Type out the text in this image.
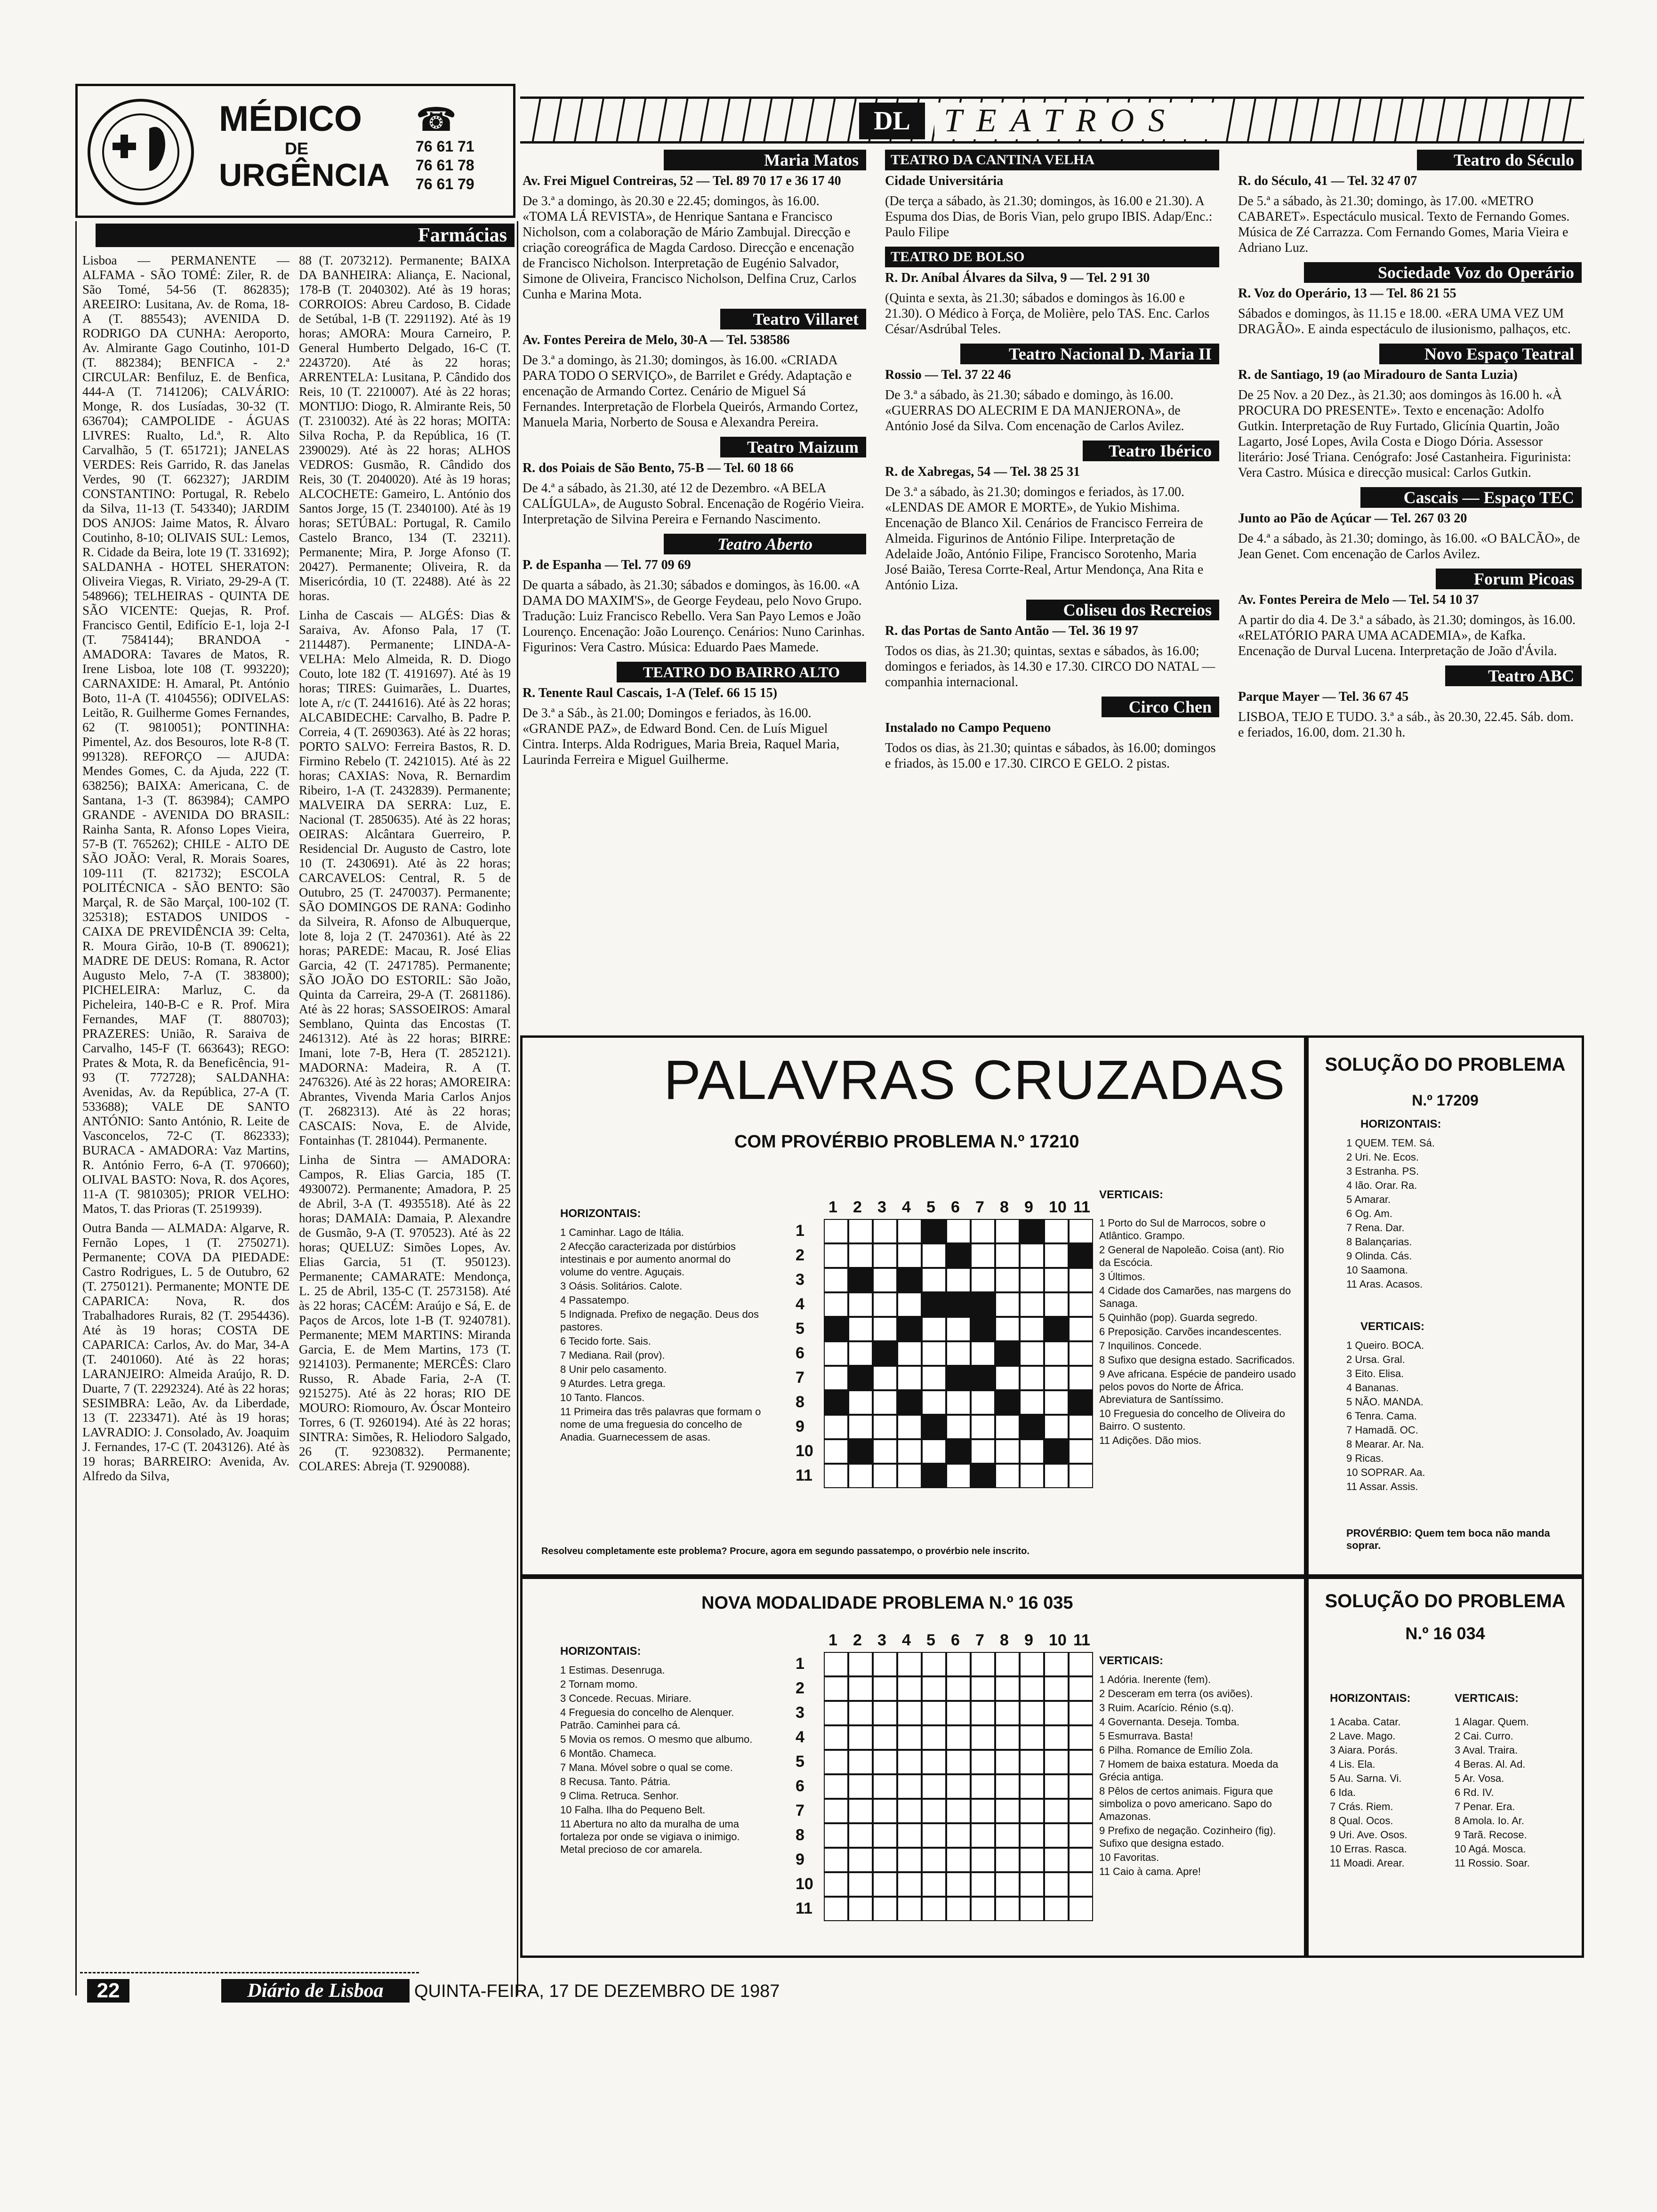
MÉDICO
DE
URGÊNCIA
☎
76 61 71
76 61 78
76 61 79
Farmácias

Lisboa — PERMANENTE — ALFAMA - SÃO TOMÉ: Ziler, R. de São Tomé, 54-56 (T. 862835); AREEIRO: Lusitana, Av. de Roma, 18-A (T. 885543); AVENIDA D. RODRIGO DA CUNHA: Aeroporto, Av. Almirante Gago Coutinho, 101-D (T. 882384); BENFICA - 2.ª CIRCULAR: Benfiluz, E. de Benfica, 444-A (T. 7141206); CALVÁRIO: Monge, R. dos Lusíadas, 30-32 (T. 636704); CAMPOLIDE - ÁGUAS LIVRES: Rualto, Ld.ª, R. Alto Carvalhão, 5 (T. 651721); JANELAS VERDES: Reis Garrido, R. das Janelas Verdes, 90 (T. 662327); JARDIM CONSTANTINO: Portugal, R. Rebelo da Silva, 11-13 (T. 543340); JARDIM DOS ANJOS: Jaime Matos, R. Álvaro Coutinho, 8-10; OLIVAIS SUL: Lemos, R. Cidade da Beira, lote 19 (T. 331692); SALDANHA - HOTEL SHERATON: Oliveira Viegas, R. Viriato, 29-29-A (T. 548966); TELHEIRAS - QUINTA DE SÃO VICENTE: Quejas, R. Prof. Francisco Gentil, Edifício E-1, loja 2-I (T. 7584144); BRANDOA - AMADORA: Tavares de Matos, R. Irene Lisboa, lote 108 (T. 993220); CARNAXIDE: H. Amaral, Pt. António Boto, 11-A (T. 4104556); ODIVELAS: Leitão, R. Guilherme Gomes Fernandes, 62 (T. 9810051); PONTINHA: Pimentel, Az. dos Besouros, lote R-8 (T. 991328). REFORÇO — AJUDA: Mendes Gomes, C. da Ajuda, 222 (T. 638256); BAIXA: Americana, C. de Santana, 1-3 (T. 863984); CAMPO GRANDE - AVENIDA DO BRASIL: Rainha Santa, R. Afonso Lopes Vieira, 57-B (T. 765262); CHILE - ALTO DE SÃO JOÃO: Veral, R. Morais Soares, 109-111 (T. 821732); ESCOLA POLITÉCNICA - SÃO BENTO: São Marçal, R. de São Marçal, 100-102 (T. 325318); ESTADOS UNIDOS - CAIXA DE PREVIDÊNCIA 39: Celta, R. Moura Girão, 10-B (T. 890621); MADRE DE DEUS: Romana, R. Actor Augusto Melo, 7-A (T. 383800); PICHELEIRA: Marluz, C. da Picheleira, 140-B-C e R. Prof. Mira Fernandes, MAF (T. 880703); PRAZERES: União, R. Saraiva de Carvalho, 145-F (T. 663643); REGO: Prates & Mota, R. da Beneficência, 91-93 (T. 772728); SALDANHA: Avenidas, Av. da República, 27-A (T. 533688); VALE DE SANTO ANTÓNIO: Santo António, R. Leite de Vasconcelos, 72-C (T. 862333); BURACA - AMADORA: Vaz Martins, R. António Ferro, 6-A (T. 970660); OLIVAL BASTO: Nova, R. dos Açores, 11-A (T. 9810305); PRIOR VELHO: Matos, T. das Prioras (T. 2519939).

Outra Banda — ALMADA: Algarve, R. Fernão Lopes, 1 (T. 2750271). Permanente; COVA DA PIEDADE: Castro Rodrigues, L. 5 de Outubro, 62 (T. 2750121). Permanente; MONTE DE CAPARICA: Nova, R. dos Trabalhadores Rurais, 82 (T. 2954436). Até às 19 horas; COSTA DE CAPARICA: Carlos, Av. do Mar, 34-A (T. 2401060). Até às 22 horas; LARANJEIRO: Almeida Araújo, R. D. Duarte, 7 (T. 2292324). Até às 22 horas; SESIMBRA: Leão, Av. da Liberdade, 13 (T. 2233471). Até às 19 horas; LAVRADIO: J. Consolado, Av. Joaquim J. Fernandes, 17-C (T. 2043126). Até às 19 horas; BARREIRO: Avenida, Av. Alfredo da Silva,

88 (T. 2073212). Permanente; BAIXA DA BANHEIRA: Aliança, E. Nacional, 178-B (T. 2040302). Até às 19 horas; CORROIOS: Abreu Cardoso, B. Cidade de Setúbal, 1-B (T. 2291192). Até às 19 horas; AMORA: Moura Carneiro, P. General Humberto Delgado, 16-C (T. 2243720). Até às 22 horas; ARRENTELA: Lusitana, P. Cândido dos Reis, 10 (T. 2210007). Até às 22 horas; MONTIJO: Diogo, R. Almirante Reis, 50 (T. 2310032). Até às 22 horas; MOITA: Silva Rocha, P. da República, 16 (T. 2390029). Até às 22 horas; ALHOS VEDROS: Gusmão, R. Cândido dos Reis, 30 (T. 2040020). Até às 19 horas; ALCOCHETE: Gameiro, L. António dos Santos Jorge, 15 (T. 2340100). Até às 19 horas; SETÚBAL: Portugal, R. Camilo Castelo Branco, 134 (T. 23211). Permanente; Mira, P. Jorge Afonso (T. 20427). Permanente; Oliveira, R. da Misericórdia, 10 (T. 22488). Até às 22 horas.

Linha de Cascais — ALGÉS: Dias & Saraiva, Av. Afonso Pala, 17 (T. 2114487). Permanente; LINDA-A-VELHA: Melo Almeida, R. D. Diogo Couto, lote 182 (T. 4191697). Até às 19 horas; TIRES: Guimarães, L. Duartes, lote A, r/c (T. 2441616). Até às 22 horas; ALCABIDECHE: Carvalho, B. Padre P. Correia, 4 (T. 2690363). Até às 22 horas; PORTO SALVO: Ferreira Bastos, R. D. Firmino Rebelo (T. 2421015). Até às 22 horas; CAXIAS: Nova, R. Bernardim Ribeiro, 1-A (T. 2432839). Permanente; MALVEIRA DA SERRA: Luz, E. Nacional (T. 2850635). Até às 22 horas; OEIRAS: Alcântara Guerreiro, P. Residencial Dr. Augusto de Castro, lote 10 (T. 2430691). Até às 22 horas; CARCAVELOS: Central, R. 5 de Outubro, 25 (T. 2470037). Permanente; SÃO DOMINGOS DE RANA: Godinho da Silveira, R. Afonso de Albuquerque, lote 8, loja 2 (T. 2470361). Até às 22 horas; PAREDE: Macau, R. José Elias Garcia, 42 (T. 2471785). Permanente; SÃO JOÃO DO ESTORIL: São João, Quinta da Carreira, 29-A (T. 2681186). Até às 22 horas; SASSOEIROS: Amaral Semblano, Quinta das Encostas (T. 2461312). Até às 22 horas; BIRRE: Imani, lote 7-B, Hera (T. 2852121). MADORNA: Madeira, R. A (T. 2476326). Até às 22 horas; AMOREIRA: Abrantes, Vivenda Maria Carlos Anjos (T. 2682313). Até às 22 horas; CASCAIS: Nova, E. de Alvide, Fontainhas (T. 281044). Permanente.

Linha de Sintra — AMADORA: Campos, R. Elias Garcia, 185 (T. 4930072). Permanente; Amadora, P. 25 de Abril, 3-A (T. 4935518). Até às 22 horas; DAMAIA: Damaia, P. Alexandre de Gusmão, 9-A (T. 970523). Até às 22 horas; QUELUZ: Simões Lopes, Av. Elias Garcia, 51 (T. 950123). Permanente; CAMARATE: Mendonça, L. 25 de Abril, 135-C (T. 2573158). Até às 22 horas; CACÉM: Araújo e Sá, E. de Paços de Arcos, lote 1-B (T. 9240781). Permanente; MEM MARTINS: Miranda Garcia, E. de Mem Martins, 173 (T. 9214103). Permanente; MERCÊS: Claro Russo, R. Abade Faria, 2-A (T. 9215275). Até às 22 horas; RIO DE MOURO: Riomouro, Av. Óscar Monteiro Torres, 6 (T. 9260194). Até às 22 horas; SINTRA: Simões, R. Heliodoro Salgado, 26 (T. 9230832). Permanente; COLARES: Abreja (T. 9290088).

DL	TEATROS
Maria Matos
Av. Frei Miguel Contreiras, 52 — Tel. 89 70 17 e 36 17 40
De 3.ª a domingo, às 20.30 e 22.45; domingos, às 16.00. «TOMA LÁ REVISTA», de Henrique Santana e Francisco Nicholson, com a colaboração de Mário Zambujal. Direcção e criação coreográfica de Magda Cardoso. Direcção e encenação de Francisco Nicholson. Interpretação de Eugénio Salvador, Simone de Oliveira, Francisco Nicholson, Delfina Cruz, Carlos Cunha e Marina Mota.
Teatro Villaret
Av. Fontes Pereira de Melo, 30-A — Tel. 538586
De 3.ª a domingo, às 21.30; domingos, às 16.00. «CRIADA PARA TODO O SERVIÇO», de Barrilet e Grédy. Adaptação e encenação de Armando Cortez. Cenário de Miguel Sá Fernandes. Interpretação de Florbela Queirós, Armando Cortez, Manuela Maria, Norberto de Sousa e Alexandra Pereira.
Teatro Maizum
R. dos Poiais de São Bento, 75-B — Tel. 60 18 66
De 4.ª a sábado, às 21.30, até 12 de Dezembro. «A BELA CALÍGULA», de Augusto Sobral. Encenação de Rogério Vieira. Interpretação de Silvina Pereira e Fernando Nascimento.
Teatro Aberto
P. de Espanha — Tel. 77 09 69
De quarta a sábado, às 21.30; sábados e domingos, às 16.00. «A DAMA DO MAXIM'S», de George Feydeau, pelo Novo Grupo. Tradução: Luiz Francisco Rebello. Vera San Payo Lemos e João Lourenço. Encenação: João Lourenço. Cenários: Nuno Carinhas. Figurinos: Vera Castro. Música: Eduardo Paes Mamede.
TEATRO DO BAIRRO ALTO
R. Tenente Raul Cascais, 1-A (Telef. 66 15 15)
De 3.ª a Sáb., às 21.00; Domingos e feriados, às 16.00. «GRANDE PAZ», de Edward Bond. Cen. de Luís Miguel Cintra. Interps. Alda Rodrigues, Maria Breia, Raquel Maria, Laurinda Ferreira e Miguel Guilherme.
TEATRO DA CANTINA VELHA
Cidade Universitária
(De terça a sábado, às 21.30; domingos, às 16.00 e 21.30). A Espuma dos Dias, de Boris Vian, pelo grupo IBIS. Adap/Enc.: Paulo Filipe
TEATRO DE BOLSO
R. Dr. Aníbal Álvares da Silva, 9 — Tel. 2 91 30
(Quinta e sexta, às 21.30; sábados e domingos às 16.00 e 21.30). O Médico à Força, de Molière, pelo TAS. Enc. Carlos César/Asdrúbal Teles.
Teatro Nacional D. Maria II
Rossio — Tel. 37 22 46
De 3.ª a sábado, às 21.30; sábado e domingo, às 16.00. «GUERRAS DO ALECRIM E DA MANJERONA», de António José da Silva. Com encenação de Carlos Avilez.
Teatro Ibérico
R. de Xabregas, 54 — Tel. 38 25 31
De 3.ª a sábado, às 21.30; domingos e feriados, às 17.00. «LENDAS DE AMOR E MORTE», de Yukio Mishima. Encenação de Blanco Xil. Cenários de Francisco Ferreira de Almeida. Figurinos de António Filipe. Interpretação de Adelaide João, António Filipe, Francisco Sorotenho, Maria José Baião, Teresa Corrte-Real, Artur Mendonça, Ana Rita e António Liza.
Coliseu dos Recreios
R. das Portas de Santo Antão — Tel. 36 19 97
Todos os dias, às 21.30; quintas, sextas e sábados, às 16.00; domingos e feriados, às 14.30 e 17.30. CIRCO DO NATAL — companhia internacional.
Circo Chen
Instalado no Campo Pequeno
Todos os dias, às 21.30; quintas e sábados, às 16.00; domingos e friados, às 15.00 e 17.30. CIRCO E GELO. 2 pistas.
Teatro do Século
R. do Século, 41 — Tel. 32 47 07
De 5.ª a sábado, às 21.30; domingo, às 17.00. «METRO CABARET». Espectáculo musical. Texto de Fernando Gomes. Música de Zé Carrazza. Com Fernando Gomes, Maria Vieira e Adriano Luz.
Sociedade Voz do Operário
R. Voz do Operário, 13 — Tel. 86 21 55
Sábados e domingos, às 11.15 e 18.00. «ERA UMA VEZ UM DRAGÃO». E ainda espectáculo de ilusionismo, palhaços, etc.
Novo Espaço Teatral
R. de Santiago, 19 (ao Miradouro de Santa Luzia)
De 25 Nov. a 20 Dez., às 21.30; aos domingos às 16.00 h. «À PROCURA DO PRESENTE». Texto e encenação: Adolfo Gutkin. Interpretação de Ruy Furtado, Glicínia Quartin, João Lagarto, José Lopes, Avila Costa e Diogo Dória. Assessor literário: José Triana. Cenógrafo: José Castanheira. Figurinista: Vera Castro. Música e direcção musical: Carlos Gutkin.
Cascais — Espaço TEC
Junto ao Pão de Açúcar — Tel. 267 03 20
De 4.ª a sábado, às 21.30; domingo, às 16.00. «O BALCÃO», de Jean Genet. Com encenação de Carlos Avilez.
Forum Picoas
Av. Fontes Pereira de Melo — Tel. 54 10 37
A partir do dia 4. De 3.ª a sábado, às 21.30; domingos, às 16.00. «RELATÓRIO PARA UMA ACADEMIA», de Kafka. Encenação de Durval Lucena. Interpretação de João d'Ávila.
Teatro ABC
Parque Mayer — Tel. 36 67 45
LISBOA, TEJO E TUDO. 3.ª a sáb., às 20.30, 22.45. Sáb. dom. e feriados, 16.00, dom. 21.30 h.
PALAVRAS CRUZADAS
COM PROVÉRBIO PROBLEMA N.º 17210
HORIZONTAIS:
1 Caminhar. Lago de Itália.
2 Afecção caracterizada por distúrbios intestinais e por aumento anormal do volume do ventre. Aguçais.
3 Oásis. Solitários. Calote.
4 Passatempo.
5 Indignada. Prefixo de negação. Deus dos pastores.
6 Tecido forte. Sais.
7 Mediana. Rail (prov).
8 Unir pelo casamento.
9 Aturdes. Letra grega.
10 Tanto. Flancos.
11 Primeira das três palavras que formam o nome de uma freguesia do concelho de Anadia. Guarnecessem de asas.
VERTICAIS:
1 Porto do Sul de Marrocos, sobre o Atlântico. Grampo.
2 General de Napoleão. Coisa (ant). Rio da Escócia.
3 Últimos.
4 Cidade dos Camarões, nas margens do Sanaga.
5 Quinhão (pop). Guarda segredo.
6 Preposição. Carvões incandescentes.
7 Inquilinos. Concede.
8 Sufixo que designa estado. Sacrificados.
9 Ave africana. Espécie de pandeiro usado pelos povos do Norte de África. Abreviatura de Santíssimo.
10 Freguesia do concelho de Oliveira do Bairro. O sustento.
11 Adições. Dão mios.
1 2 3 4 5 6 7 8 9 10 11
1
2
3
4
5
6
7
8
9
10
11
Resolveu completamente este problema? Procure, agora em segundo passatempo, o provérbio nele inscrito.
SOLUÇÃO DO PROBLEMA
N.º 17209
HORIZONTAIS:
1 QUEM. TEM. Sá.
2 Uri. Ne. Ecos.
3 Estranha. PS.
4 Ião. Orar. Ra.
5 Amarar.
6 Og. Am.
7 Rena. Dar.
8 Balançarias.
9 Olinda. Cás.
10 Saamona.
11 Aras. Acasos.
VERTICAIS:
1 Queiro. BOCA.
2 Ursa. Gral.
3 Eito. Elisa.
4 Bananas.
5 NÃO. MANDA.
6 Tenra. Cama.
7 Hamadã. OC.
8 Mearar. Ar. Na.
9 Ricas.
10 SOPRAR. Aa.
11 Assar. Assis.
PROVÉRBIO: Quem tem boca não manda soprar.
NOVA MODALIDADE PROBLEMA N.º 16 035
HORIZONTAIS:
1 Estimas. Desenruga.
2 Tornam momo.
3 Concede. Recuas. Miriare.
4 Freguesia do concelho de Alenquer. Patrão. Caminhei para cá.
5 Movia os remos. O mesmo que albumo.
6 Montão. Chameca.
7 Mana. Móvel sobre o qual se come.
8 Recusa. Tanto. Pátria.
9 Clima. Retruca. Senhor.
10 Falha. Ilha do Pequeno Belt.
11 Abertura no alto da muralha de uma fortaleza por onde se vigiava o inimigo. Metal precioso de cor amarela.
VERTICAIS:
1 Adória. Inerente (fem).
2 Desceram em terra (os aviões).
3 Ruim. Acarício. Rénio (s.q).
4 Governanta. Deseja. Tomba.
5 Esmurrava. Basta!
6 Pilha. Romance de Emílio Zola.
7 Homem de baixa estatura. Moeda da Grécia antiga.
8 Pêlos de certos animais. Figura que simboliza o povo americano. Sapo do Amazonas.
9 Prefixo de negação. Cozinheiro (fig). Sufixo que designa estado.
10 Favoritas.
11 Caio à cama. Apre!
1 2 3 4 5 6 7 8 9 10 11
1
2
3
4
5
6
7
8
9
10
11
SOLUÇÃO DO PROBLEMA
N.º 16 034
HORIZONTAIS:	VERTICAIS:
1 Acaba. Catar.
2 Lave. Mago.
3 Aiara. Porás.
4 Lis. Ela.
5 Au. Sarna. Vi.
6 Ida.
7 Crás. Riem.
8 Qual. Ocos.
9 Uri. Ave. Osos.
10 Erras. Rasca.
11 Moadi. Arear.
1 Alagar. Quem.
2 Cai. Curro.
3 Aval. Traira.
4 Beras. Al. Ad.
5 Ar. Vosa.
6 Rd. IV.
7 Penar. Era.
8 Amola. Io. Ar.
9 Tarã. Recose.
10 Agá. Mosca.
11 Rossio. Soar.
22	Diário de Lisboa	QUINTA-FEIRA, 17 DE DEZEMBRO DE 1987
